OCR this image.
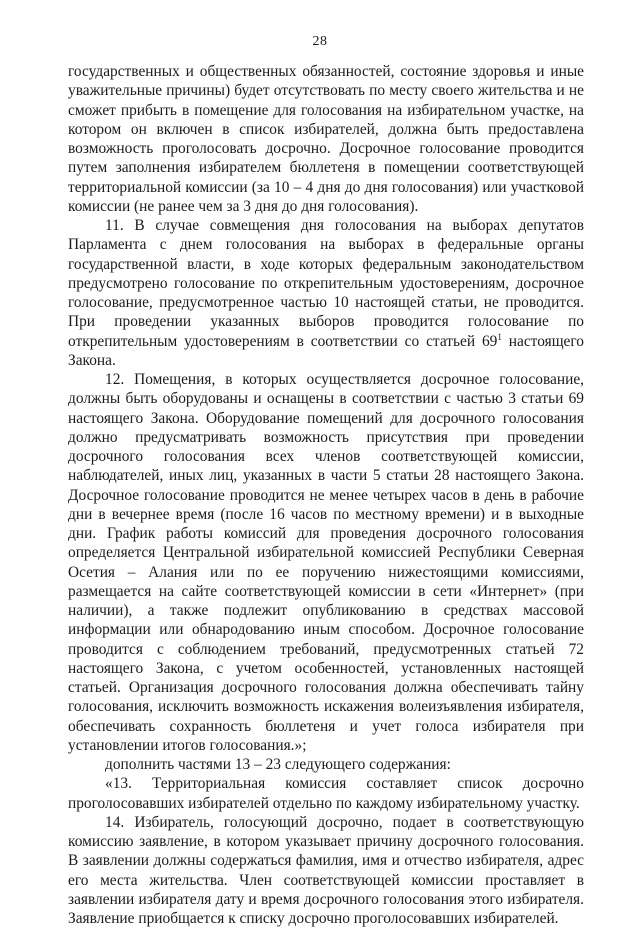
28

государственных и общественных обязанностей, состояние здоровья и иные уважительные причины) будет отсутствовать по месту своего жительства и не сможет прибыть в помещение для голосования на избирательном участке, на котором он включен в список избирателей, должна быть предоставлена возможность проголосовать досрочно. Досрочное голосование проводится путем заполнения избирателем бюллетеня в помещении соответствующей территориальной комиссии (за 10 – 4 дня до дня голосования) или участковой комиссии (не ранее чем за 3 дня до дня голосования).

11. В случае совмещения дня голосования на выборах депутатов Парламента с днем голосования на выборах в федеральные органы государственной власти, в ходе которых федеральным законодательством предусмотрено голосование по открепительным удостоверениям, досрочное голосование, предусмотренное частью 10 настоящей статьи, не проводится. При проведении указанных выборов проводится голосование по открепительным удостоверениям в соответствии со статьей $69^1$ настоящего Закона.

12. Помещения, в которых осуществляется досрочное голосование, должны быть оборудованы и оснащены в соответствии с частью 3 статьи 69 настоящего Закона. Оборудование помещений для досрочного голосования должно предусматривать возможность присутствия при проведении досрочного голосования всех членов соответствующей комиссии, наблюдателей, иных лиц, указанных в части 5 статьи 28 настоящего Закона. Досрочное голосование проводится не менее четырех часов в день в рабочие дни в вечернее время (после 16 часов по местному времени) и в выходные дни. График работы комиссий для проведения досрочного голосования определяется Центральной избирательной комиссией Республики Северная Осетия – Алания или по ее поручению нижестоящими комиссиями, размещается на сайте соответствующей комиссии в сети «Интернет» (при наличии), а также подлежит опубликованию в средствах массовой информации или обнародованию иным способом. Досрочное голосование проводится с соблюдением требований, предусмотренных статьей 72 настоящего Закона, с учетом особенностей, установленных настоящей статьей. Организация досрочного голосования должна обеспечивать тайну голосования, исключить возможность искажения волеизъявления избирателя, обеспечивать сохранность бюллетеня и учет голоса избирателя при установлении итогов голосования.»;

дополнить частями 13 – 23 следующего содержания:

«13. Территориальная комиссия составляет список досрочно проголосовавших избирателей отдельно по каждому избирательному участку.

14. Избиратель, голосующий досрочно, подает в соответствующую комиссию заявление, в котором указывает причину досрочного голосования. В заявлении должны содержаться фамилия, имя и отчество избирателя, адрес его места жительства. Член соответствующей комиссии проставляет в заявлении избирателя дату и время досрочного голосования этого избирателя. Заявление приобщается к списку досрочно проголосовавших избирателей.
